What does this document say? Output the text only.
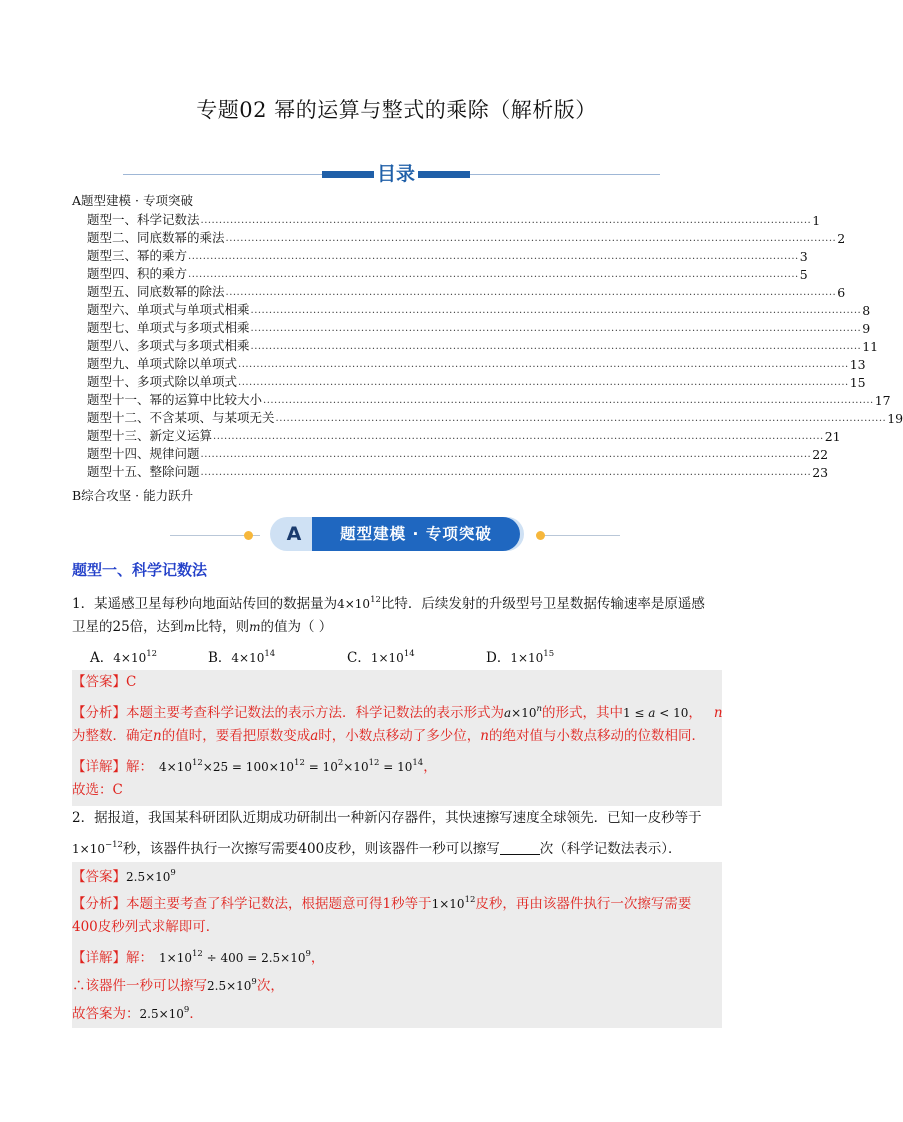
专题02 幂的运算与整式的乘除（解析版）
目录
A题型建模 · 专项突破
题型一、科学记数法 ...................................................................................................................................................................... 1
题型二、同底数幂的乘法 ...................................................................................................................................................................... 2
题型三、幂的乘方 ...................................................................................................................................................................... 3
题型四、积的乘方 ...................................................................................................................................................................... 5
题型五、同底数幂的除法 ...................................................................................................................................................................... 6
题型六、单项式与单项式相乘 ...................................................................................................................................................................... 8
题型七、单项式与多项式相乘 ...................................................................................................................................................................... 9
题型八、多项式与多项式相乘 ...................................................................................................................................................................... 11
题型九、单项式除以单项式 ...................................................................................................................................................................... 13
题型十、多项式除以单项式 ...................................................................................................................................................................... 15
题型十一、幂的运算中比较大小 ...................................................................................................................................................................... 17
题型十二、不含某项、与某项无关 ...................................................................................................................................................................... 19
题型十三、新定义运算 ...................................................................................................................................................................... 21
题型十四、规律问题 ...................................................................................................................................................................... 22
题型十五、整除问题 ...................................................................................................................................................................... 23
B综合攻坚 · 能力跃升
A	题型建模 · 专项突破
题型一、科学记数法
1．某遥感卫星每秒向地面站传回的数据量为$4\times 10^{12}$比特．后续发射的升级型号卫星数据传输速率是原遥感
卫星的25倍，达到m比特，则m的值为（ ）
A．$4\times 10^{12}$	B．$4\times 10^{14}$	C．$1\times 10^{14}$	D．$1\times 10^{15}$
【答案】C
【分析】本题主要考查科学记数法的表示方法．科学记数法的表示形式为$a\times 10^n$的形式，其中1 ≤ a < 10， n
为整数．确定n的值时，要看把原数变成a时，小数点移动了多少位，n的绝对值与小数点移动的位数相同．
【详解】解： $4\times 10^{12}\times 25 = 100\times 10^{12} = 10^2\times 10^{12} = 10^{14}$，
故选：C
2．据报道，我国某科研团队近期成功研制出一种新闪存器件，其快速擦写速度全球领先．已知一皮秒等于
$1\times 10^{-12}$秒，该器件执行一次擦写需要400皮秒，则该器件一秒可以擦写	次（科学记数法表示）．
【答案】$2.5\times 10^9$
【分析】本题主要考查了科学记数法，根据题意可得1秒等于$1\times 10^{12}$皮秒，再由该器件执行一次擦写需要
400皮秒列式求解即可．
【详解】解： $1\times 10^{12} \div 400 = 2.5\times 10^9$，
∴该器件一秒可以擦写$2.5\times 10^9$次，
故答案为：$2.5\times 10^9$．
